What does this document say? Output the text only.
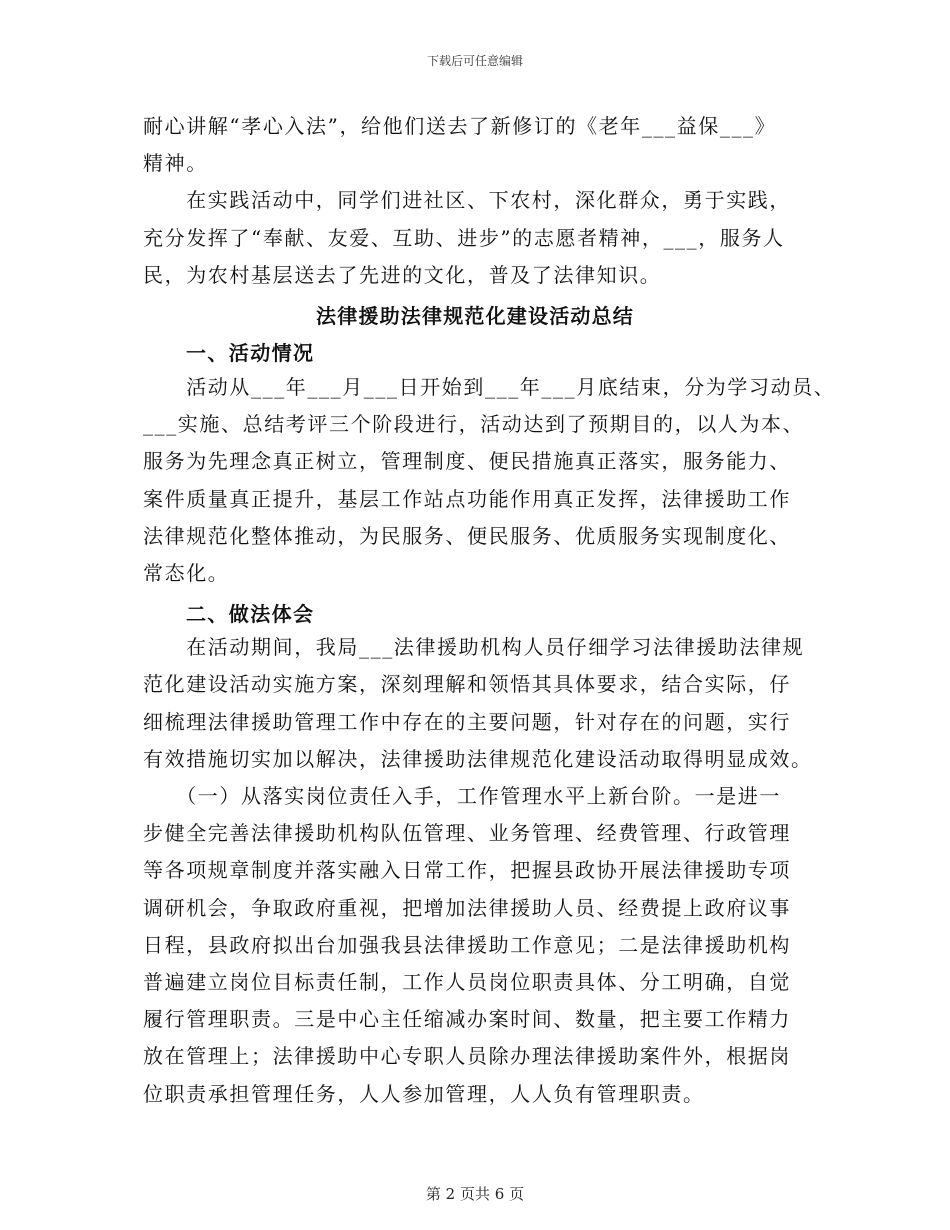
下载后可任意编辑
耐心讲解“孝心入法”，给他们送去了新修订的《老年___益保___》
精神。
　　在实践活动中，同学们进社区、下农村，深化群众，勇于实践，
充分发挥了“奉献、友爱、互助、进步”的志愿者精神，___，服务人
民，为农村基层送去了先进的文化，普及了法律知识。
法律援助法律规范化建设活动总结
一、活动情况
　　活动从___年___月___日开始到___年___月底结束，分为学习动员、
___实施、总结考评三个阶段进行，活动达到了预期目的，以人为本、
服务为先理念真正树立，管理制度、便民措施真正落实，服务能力、
案件质量真正提升，基层工作站点功能作用真正发挥，法律援助工作
法律规范化整体推动，为民服务、便民服务、优质服务实现制度化、
常态化。
二、做法体会
　　在活动期间，我局___法律援助机构人员仔细学习法律援助法律规
范化建设活动实施方案，深刻理解和领悟其具体要求，结合实际，仔
细梳理法律援助管理工作中存在的主要问题，针对存在的问题，实行
有效措施切实加以解决，法律援助法律规范化建设活动取得明显成效。
　　（一）从落实岗位责任入手，工作管理水平上新台阶。一是进一
步健全完善法律援助机构队伍管理、业务管理、经费管理、行政管理
等各项规章制度并落实融入日常工作，把握县政协开展法律援助专项
调研机会，争取政府重视，把增加法律援助人员、经费提上政府议事
日程，县政府拟出台加强我县法律援助工作意见；二是法律援助机构
普遍建立岗位目标责任制，工作人员岗位职责具体、分工明确，自觉
履行管理职责。三是中心主任缩减办案时间、数量，把主要工作精力
放在管理上；法律援助中心专职人员除办理法律援助案件外，根据岗
位职责承担管理任务，人人参加管理，人人负有管理职责。
第 2 页共 6 页
